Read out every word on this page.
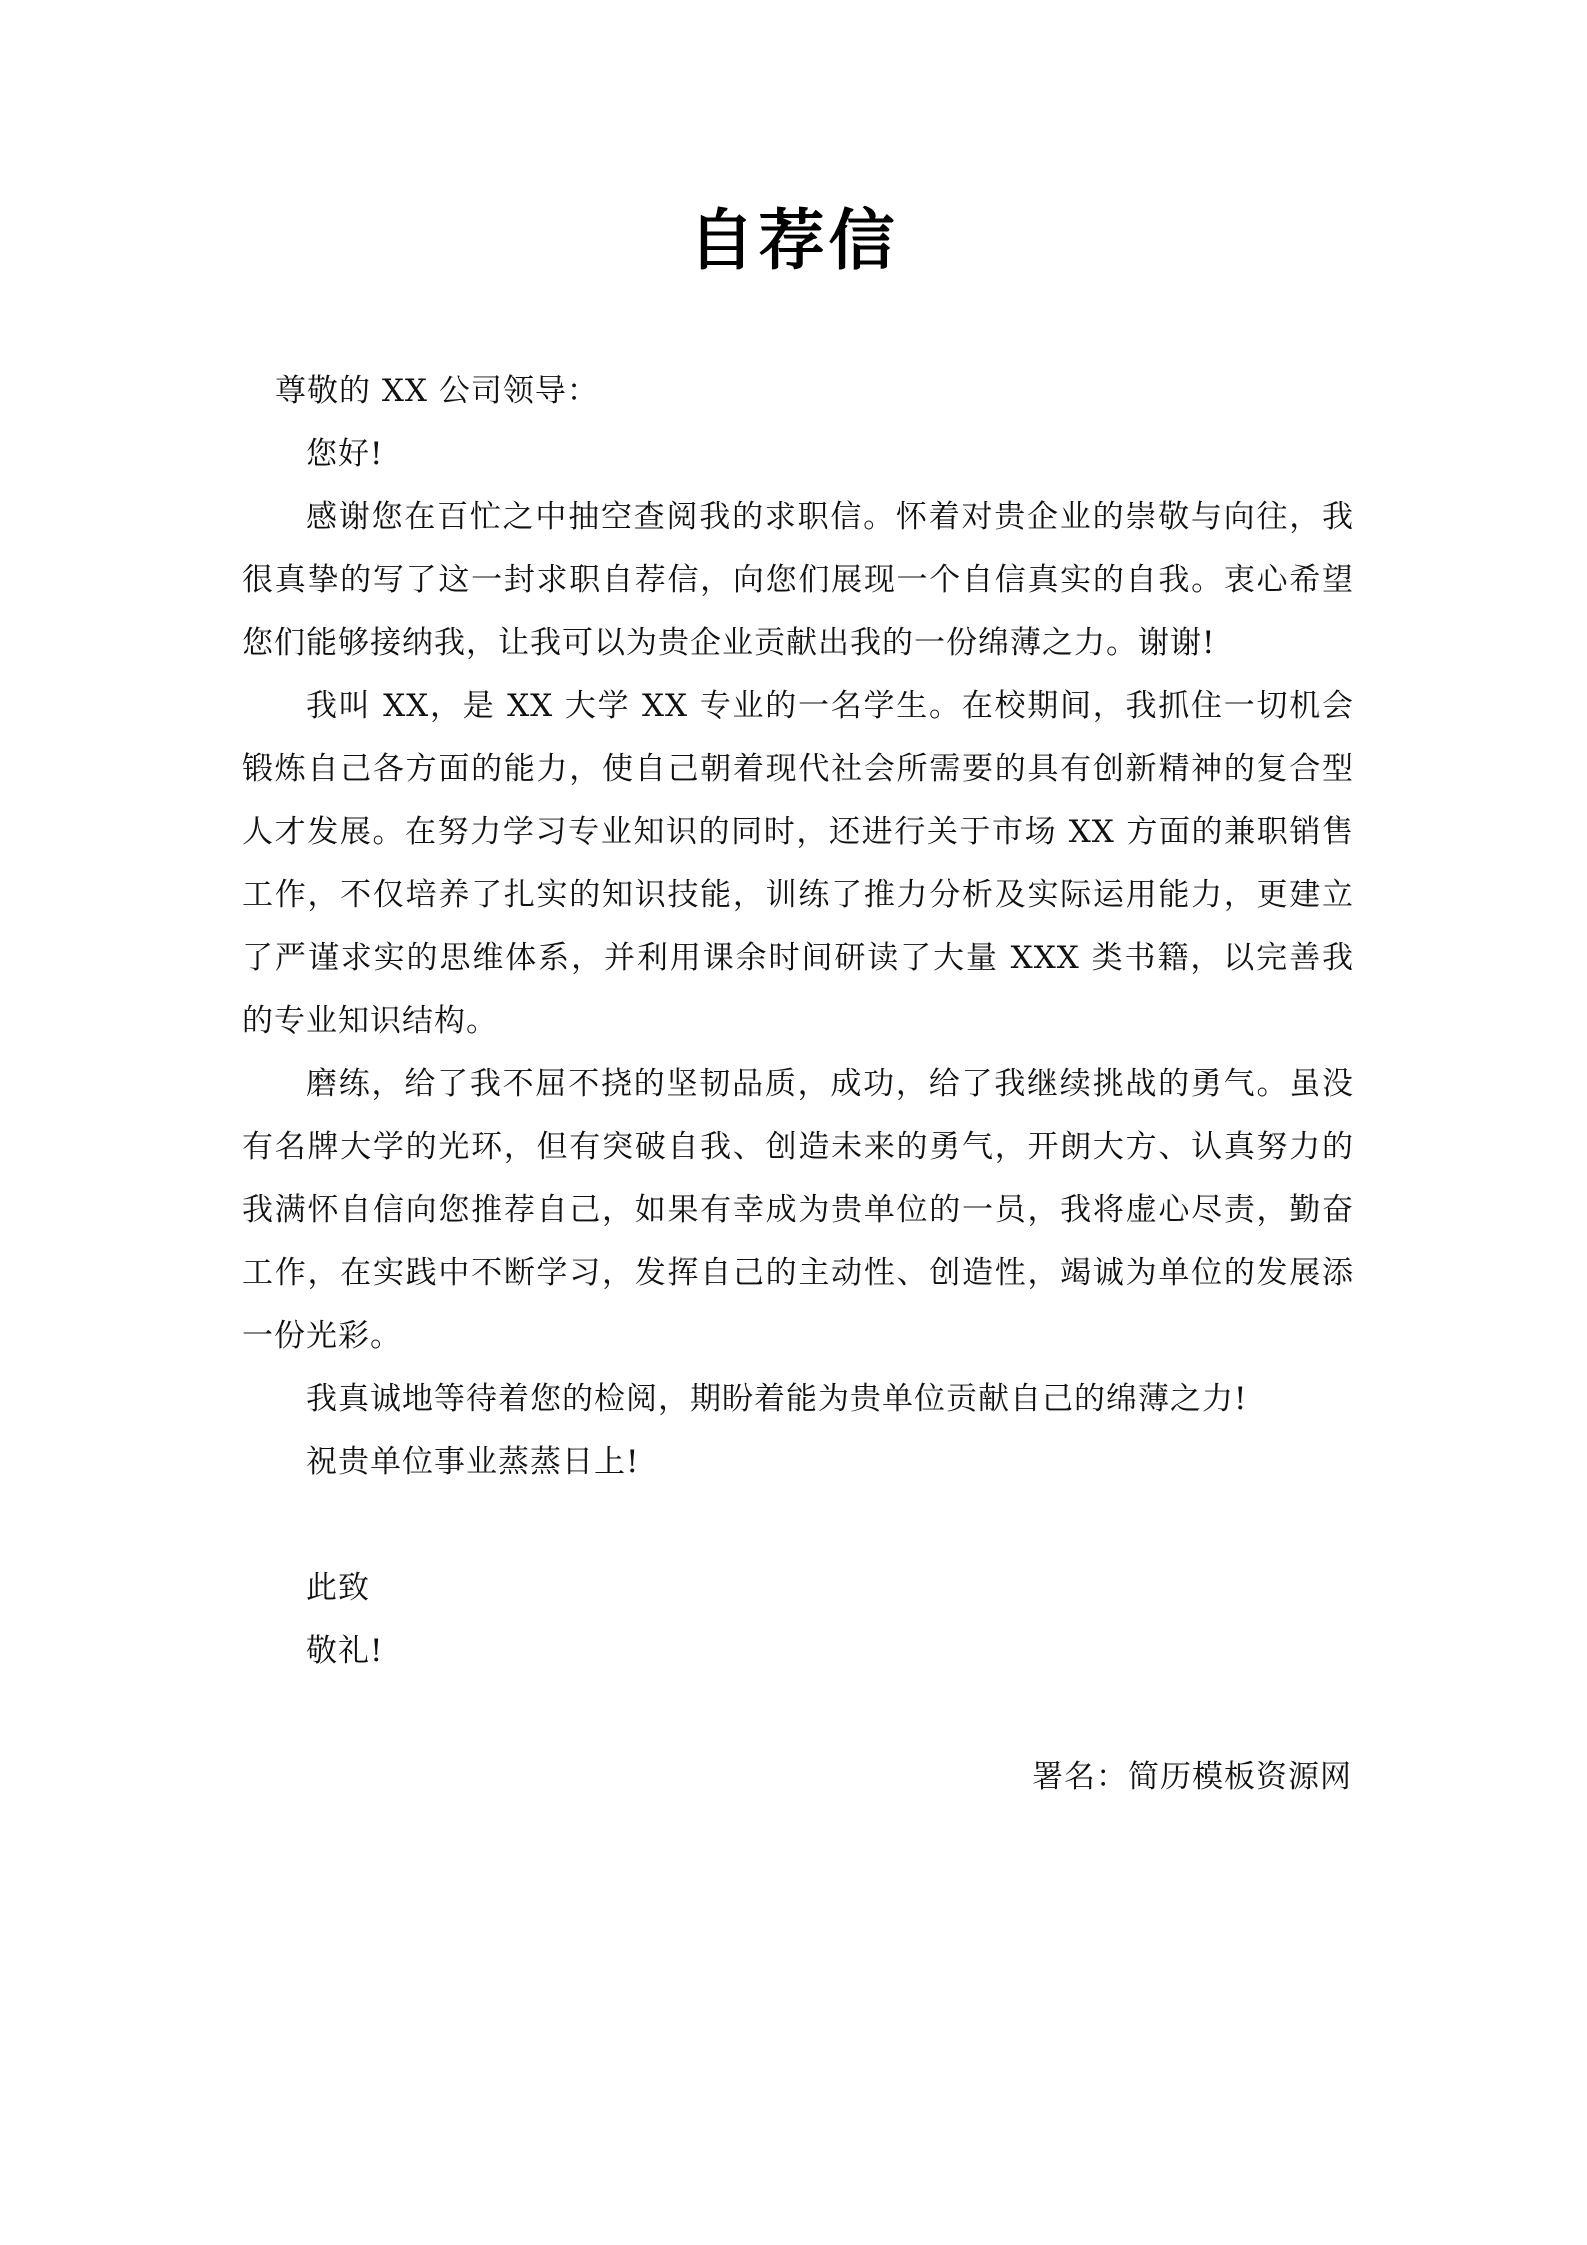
自荐信

尊敬的 XX 公司领导：

您好!

感谢您在百忙之中抽空查阅我的求职信。怀着对贵企业的崇敬与向往，我很真挚的写了这一封求职自荐信，向您们展现一个自信真实的自我。衷心希望您们能够接纳我，让我可以为贵企业贡献出我的一份绵薄之力。谢谢!

我叫 XX，是 XX 大学 XX 专业的一名学生。在校期间，我抓住一切机会锻炼自己各方面的能力，使自己朝着现代社会所需要的具有创新精神的复合型人才发展。在努力学习专业知识的同时，还进行关于市场 XX 方面的兼职销售工作，不仅培养了扎实的知识技能，训练了推力分析及实际运用能力，更建立了严谨求实的思维体系，并利用课余时间研读了大量 XXX 类书籍，以完善我的专业知识结构。

磨练，给了我不屈不挠的坚韧品质，成功，给了我继续挑战的勇气。虽没有名牌大学的光环，但有突破自我、创造未来的勇气，开朗大方、认真努力的我满怀自信向您推荐自己，如果有幸成为贵单位的一员，我将虚心尽责，勤奋工作，在实践中不断学习，发挥自己的主动性、创造性，竭诚为单位的发展添一份光彩。

我真诚地等待着您的检阅，期盼着能为贵单位贡献自己的绵薄之力!

祝贵单位事业蒸蒸日上!

此致

敬礼!

署名：简历模板资源网
